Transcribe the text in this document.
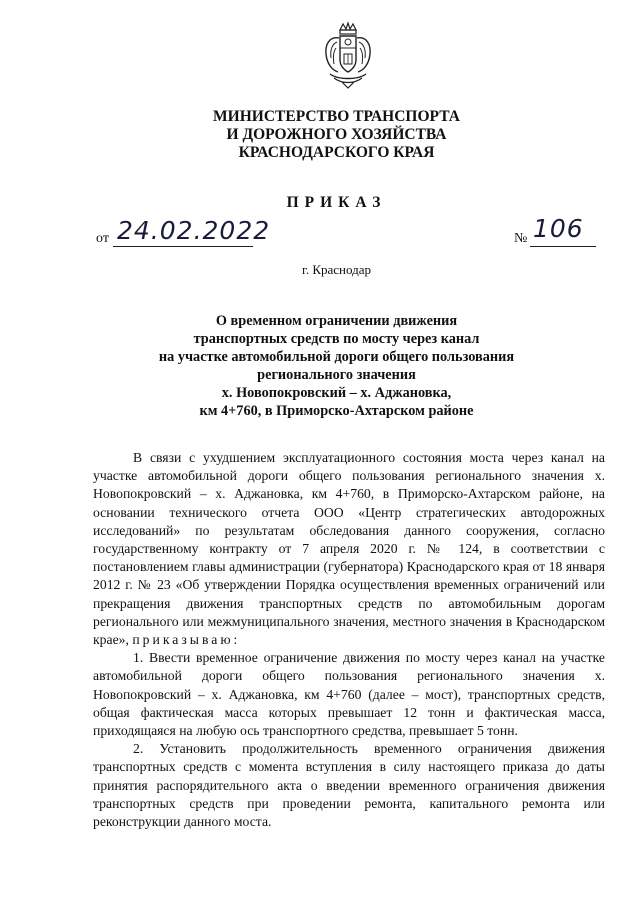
МИНИСТЕРСТВО ТРАНСПОРТА
И ДОРОЖНОГО ХОЗЯЙСТВА
КРАСНОДАРСКОГО КРАЯ
ПРИКАЗ
от 24.02.2022	№ 106
г. Краснодар
О временном ограничении движения
транспортных средств по мосту через канал
на участке автомобильной дороги общего пользования
регионального значения
х. Новопокровский – х. Аджановка,
км 4+760, в Приморско-Ахтарском районе

В связи с ухудшением эксплуатационного состояния моста через канал на участке автомобильной дороги общего пользования регионального значения х. Новопокровский – х. Аджановка, км 4+760, в Приморско-Ахтарском районе, на основании технического отчета ООО «Центр стратегических автодорожных исследований» по результатам обследования данного сооружения, согласно государственному контракту от 7 апреля 2020 г. № 124, в соответствии с постановлением главы администрации (губернатора) Краснодарского края от 18 января 2012 г. № 23 «Об утверждении Порядка осуществления временных ограничений или прекращения движения транспортных средств по автомобильным дорогам регионального или межмуниципального значения, местного значения в Краснодарском крае», приказываю:

1. Ввести временное ограничение движения по мосту через канал на участке автомобильной дороги общего пользования регионального значения х. Новопокровский – х. Аджановка, км 4+760 (далее – мост), транспортных средств, общая фактическая масса которых превышает 12 тонн и фактическая масса, приходящаяся на любую ось транспортного средства, превышает 5 тонн.

2. Установить продолжительность временного ограничения движения транспортных средств с момента вступления в силу настоящего приказа до даты принятия распорядительного акта о введении временного ограничения движения транспортных средств при проведении ремонта, капитального ремонта или реконструкции данного моста.
